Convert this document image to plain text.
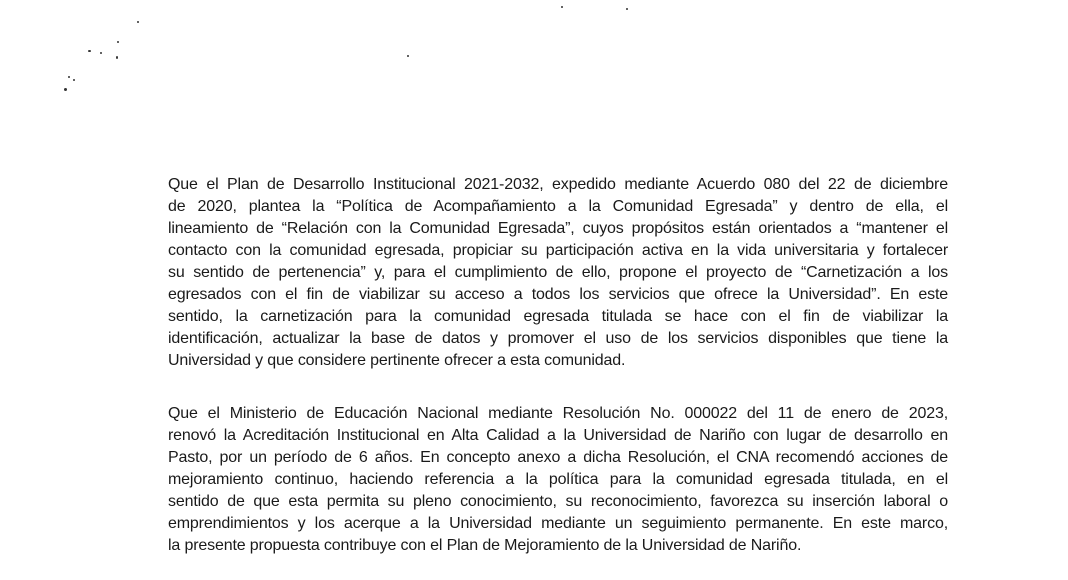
Que el Plan de Desarrollo Institucional 2021-2032, expedido mediante Acuerdo 080 del 22 de diciembre
de 2020, plantea la “Política de Acompañamiento a la Comunidad Egresada” y dentro de ella, el
lineamiento de “Relación con la Comunidad Egresada”, cuyos propósitos están orientados a “mantener el
contacto con la comunidad egresada, propiciar su participación activa en la vida universitaria y fortalecer
su sentido de pertenencia” y, para el cumplimiento de ello, propone el proyecto de “Carnetización a los
egresados con el fin de viabilizar su acceso a todos los servicios que ofrece la Universidad”. En este
sentido, la carnetización para la comunidad egresada titulada se hace con el fin de viabilizar la
identificación, actualizar la base de datos y promover el uso de los servicios disponibles que tiene la
Universidad y que considere pertinente ofrecer a esta comunidad.
Que el Ministerio de Educación Nacional mediante Resolución No. 000022 del 11 de enero de 2023,
renovó la Acreditación Institucional en Alta Calidad a la Universidad de Nariño con lugar de desarrollo en
Pasto, por un período de 6 años. En concepto anexo a dicha Resolución, el CNA recomendó acciones de
mejoramiento continuo, haciendo referencia a la política para la comunidad egresada titulada, en el
sentido de que esta permita su pleno conocimiento, su reconocimiento, favorezca su inserción laboral o
emprendimientos y los acerque a la Universidad mediante un seguimiento permanente. En este marco,
la presente propuesta contribuye con el Plan de Mejoramiento de la Universidad de Nariño.
